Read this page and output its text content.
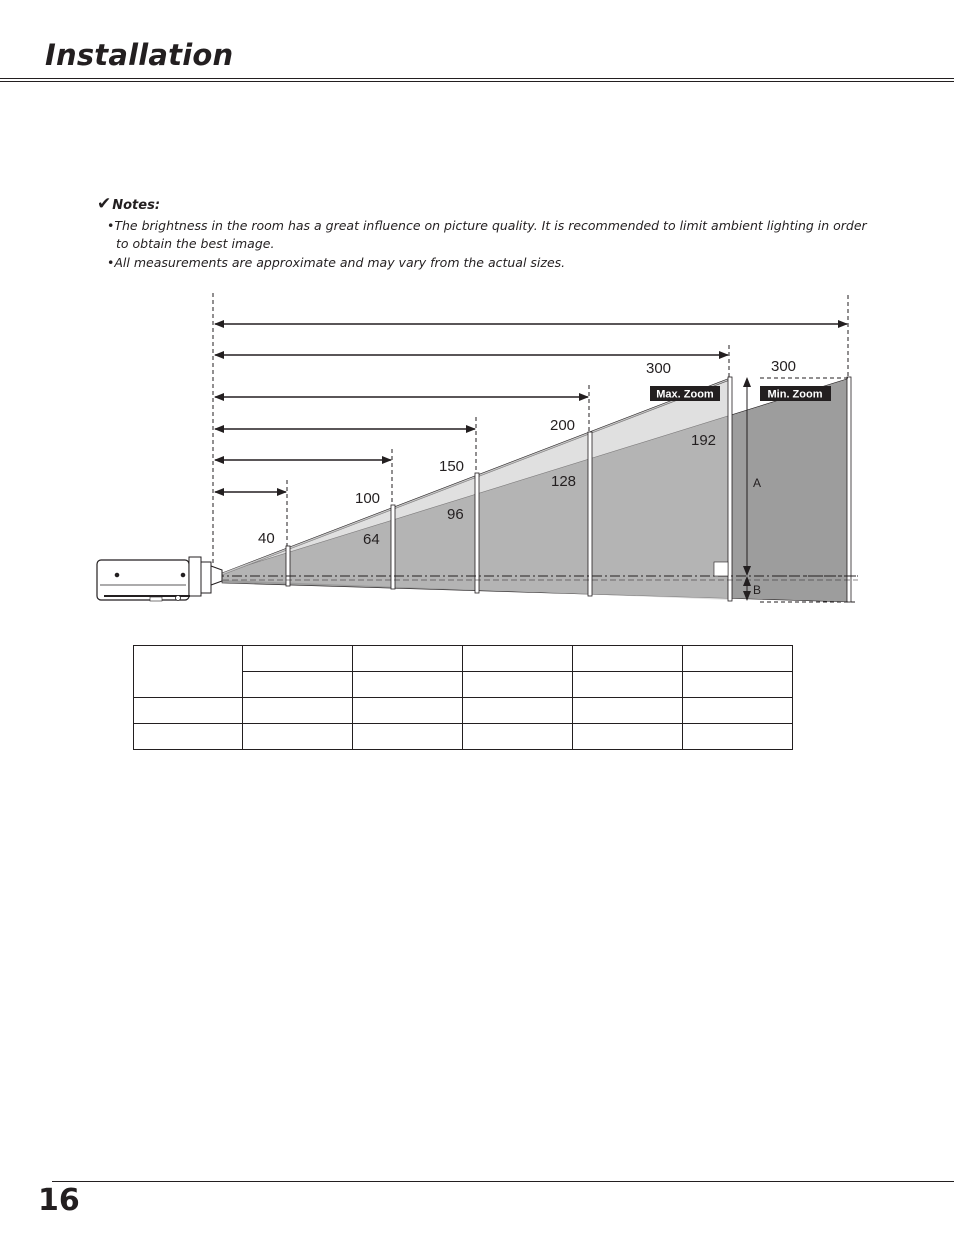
Installation
✔Notes:
•The brightness in the room has a great influence on picture quality. It is recommended to limit ambient lighting in order to obtain the best image.
•All measurements are approximate and may vary from the actual sizes.
40
100
150
200
300	300
64
96
128
192
Max. Zoom	Min. Zoom
A
B

16
